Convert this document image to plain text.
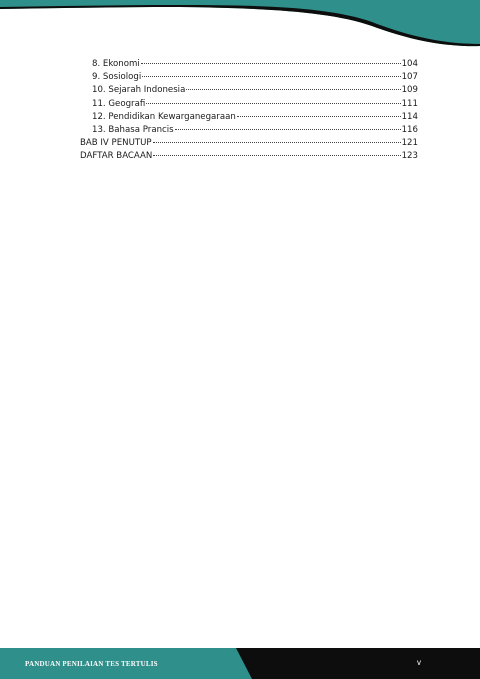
8. Ekonomi	104
9. Sosiologi	107
10. Sejarah Indonesia	109
11. Geografi	111
12. Pendidikan Kewarganegaraan	114
13. Bahasa Prancis	116
BAB IV PENUTUP	121
DAFTAR BACAAN	123
PANDUAN PENILAIAN TES TERTULIS	v
